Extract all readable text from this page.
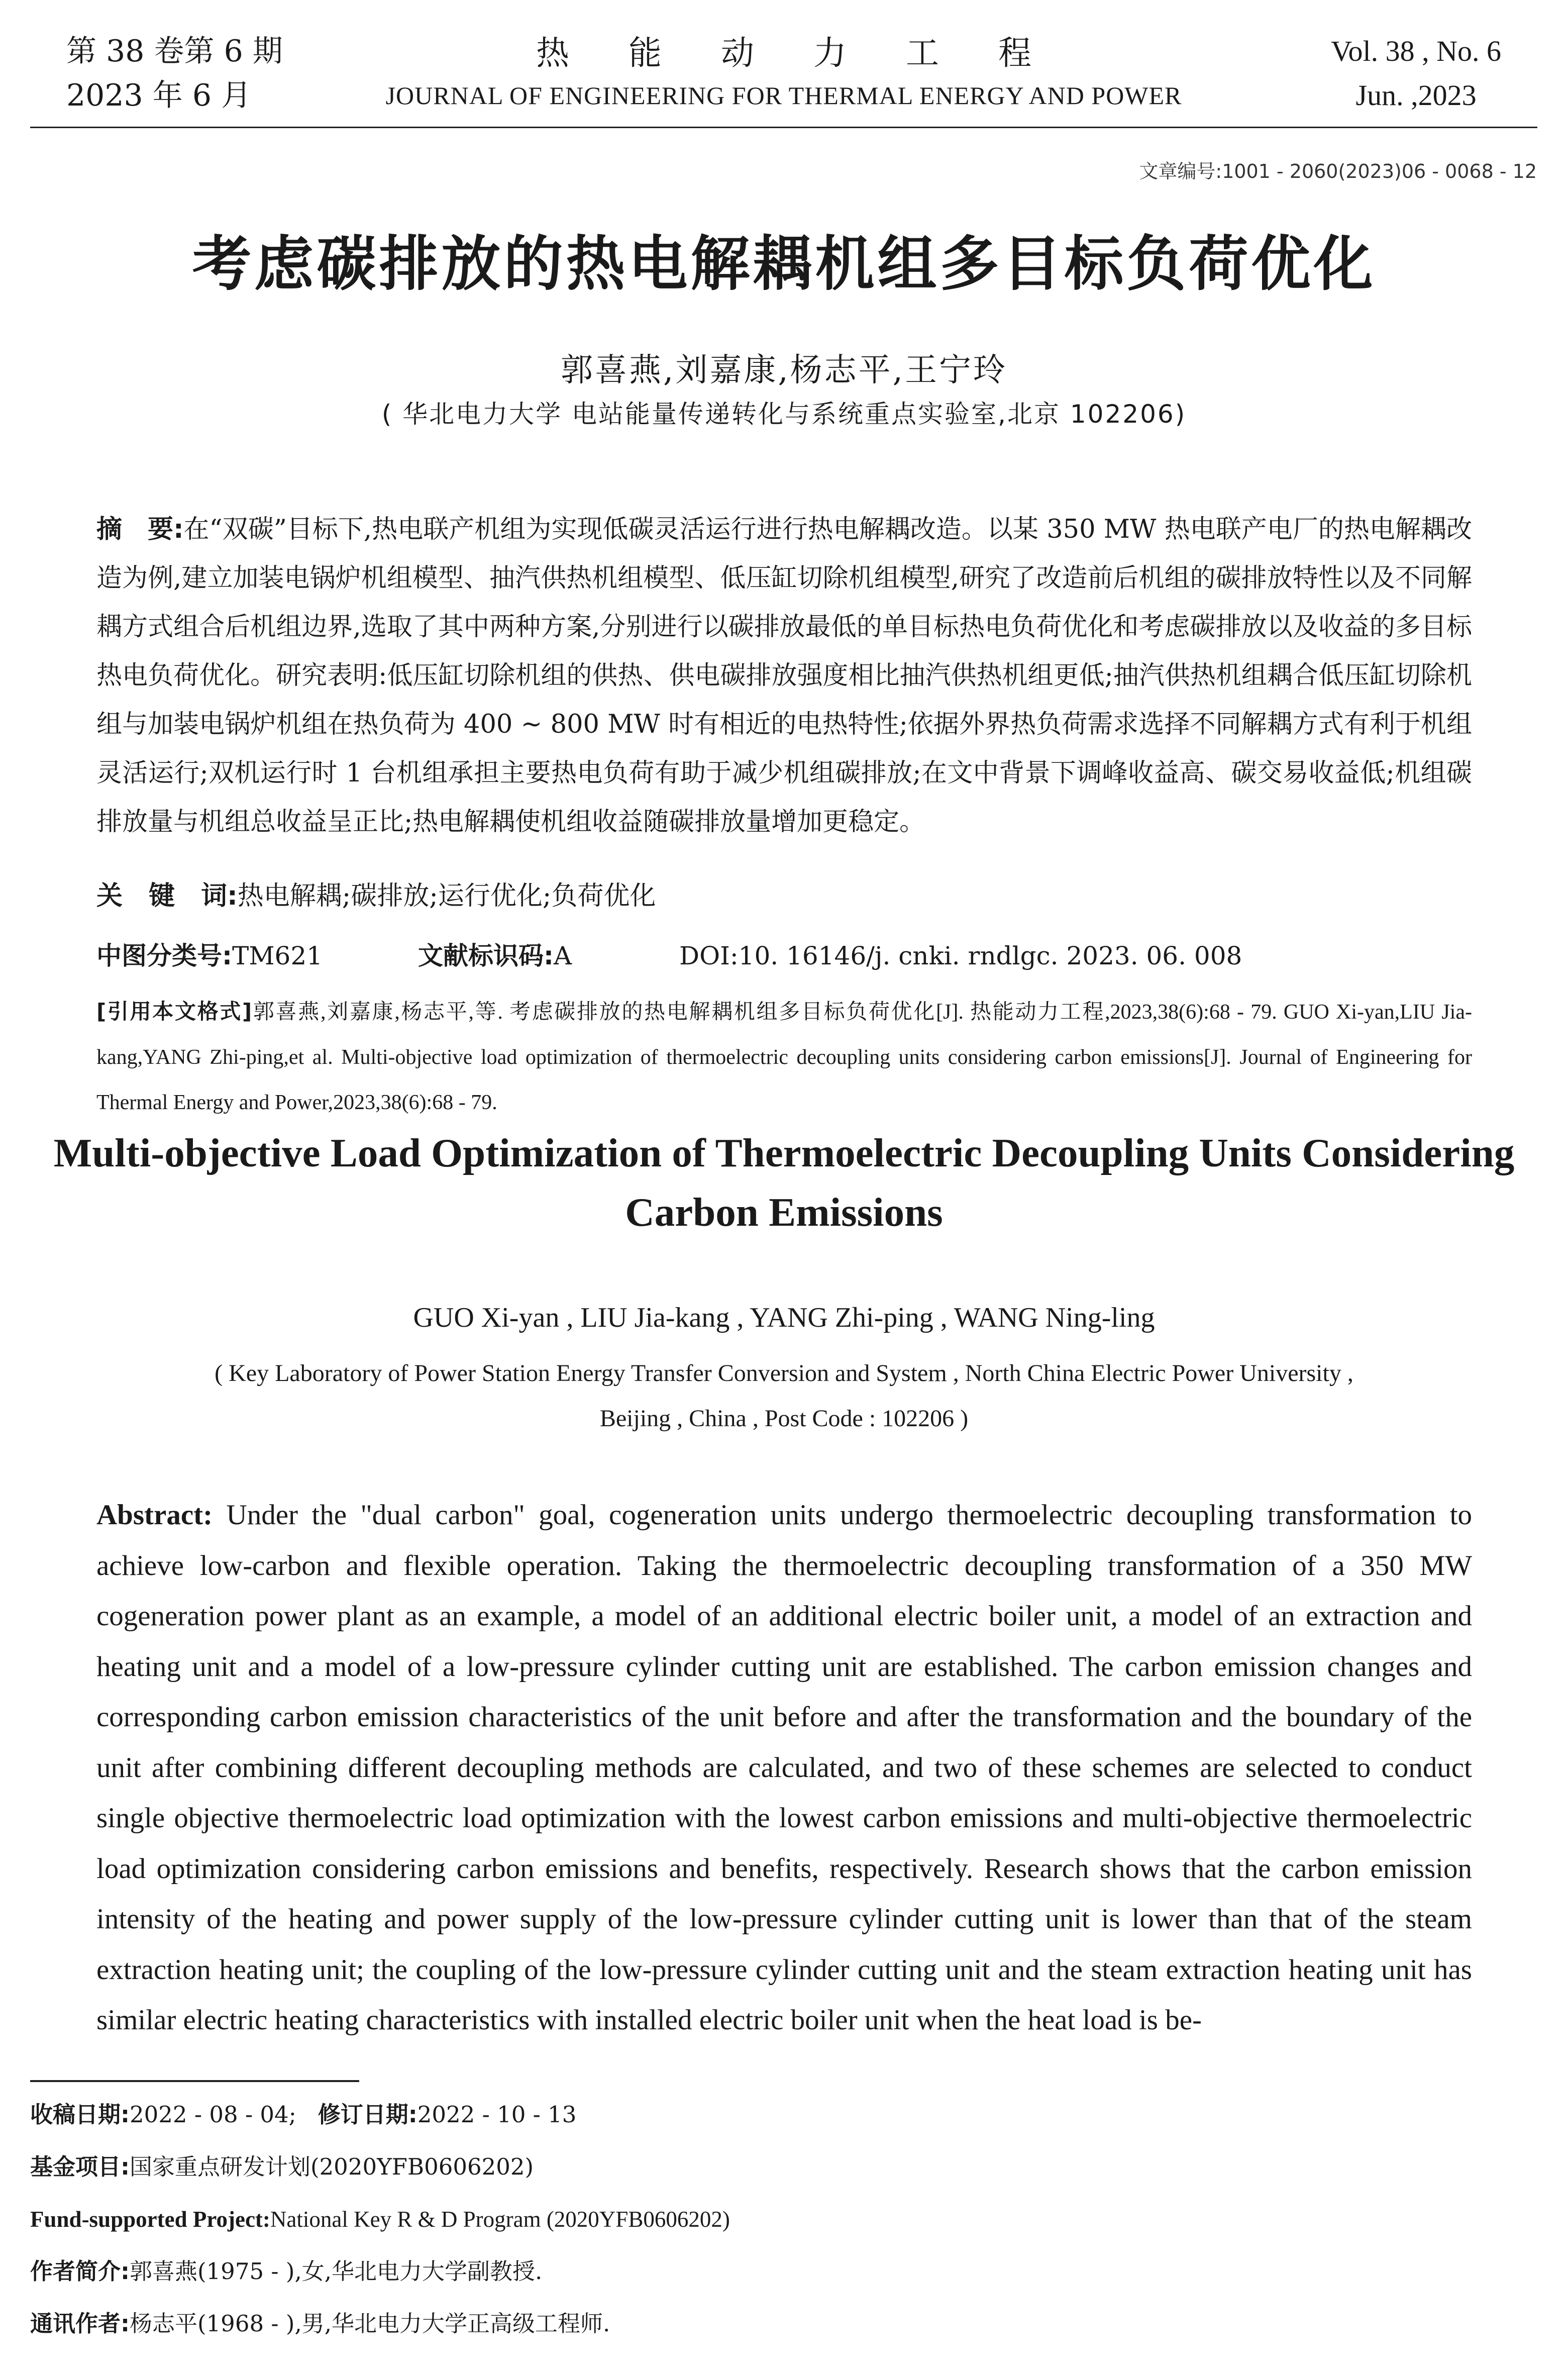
第 38 卷第 6 期
2023 年 6 月
热能动力工程
JOURNAL OF ENGINEERING FOR THERMAL ENERGY AND POWER
Vol. 38 , No. 6
Jun. ,2023
文章编号:1001 - 2060(2023)06 - 0068 - 12
考虑碳排放的热电解耦机组多目标负荷优化
郭喜燕,刘嘉康,杨志平,王宁玲
( 华北电力大学 电站能量传递转化与系统重点实验室,北京 102206)
摘　要:在“双碳”目标下,热电联产机组为实现低碳灵活运行进行热电解耦改造。以某 350 MW 热电联产电厂的热电解耦改造为例,建立加装电锅炉机组模型、抽汽供热机组模型、低压缸切除机组模型,研究了改造前后机组的碳排放特性以及不同解耦方式组合后机组边界,选取了其中两种方案,分别进行以碳排放最低的单目标热电负荷优化和考虑碳排放以及收益的多目标热电负荷优化。研究表明:低压缸切除机组的供热、供电碳排放强度相比抽汽供热机组更低;抽汽供热机组耦合低压缸切除机组与加装电锅炉机组在热负荷为 400 ~ 800 MW 时有相近的电热特性;依据外界热负荷需求选择不同解耦方式有利于机组灵活运行;双机运行时 1 台机组承担主要热电负荷有助于减少机组碳排放;在文中背景下调峰收益高、碳交易收益低;机组碳排放量与机组总收益呈正比;热电解耦使机组收益随碳排放量增加更稳定。
关　键　词:热电解耦;碳排放;运行优化;负荷优化
中图分类号:TM621	文献标识码:A	DOI:10. 16146/j. cnki. rndlgc. 2023. 06. 008
[引用本文格式]郭喜燕,刘嘉康,杨志平,等. 考虑碳排放的热电解耦机组多目标负荷优化[J]. 热能动力工程,2023,38(6):68 - 79. GUO Xi-yan,LIU Jia-kang,YANG Zhi-ping,et al. Multi-objective load optimization of thermoelectric decoupling units considering carbon emissions[J]. Journal of Engineering for Thermal Energy and Power,2023,38(6):68 - 79.
Multi-objective Load Optimization of Thermoelectric Decoupling Units Considering Carbon Emissions
GUO Xi-yan , LIU Jia-kang , YANG Zhi-ping , WANG Ning-ling
( Key Laboratory of Power Station Energy Transfer Conversion and System , North China Electric Power University , Beijing , China , Post Code : 102206 )
Abstract: Under the "dual carbon" goal, cogeneration units undergo thermoelectric decoupling transformation to achieve low-carbon and flexible operation. Taking the thermoelectric decoupling transformation of a 350 MW cogeneration power plant as an example, a model of an additional electric boiler unit, a model of an extraction and heating unit and a model of a low-pressure cylinder cutting unit are established. The carbon emission changes and corresponding carbon emission characteristics of the unit before and after the transformation and the boundary of the unit after combining different decoupling methods are calculated, and two of these schemes are selected to conduct single objective thermoelectric load optimization with the lowest carbon emissions and multi-objective thermoelectric load optimization considering carbon emissions and benefits, respectively. Research shows that the carbon emission intensity of the heating and power supply of the low-pressure cylinder cutting unit is lower than that of the steam extraction heating unit; the coupling of the low-pressure cylinder cutting unit and the steam extraction heating unit has similar electric heating characteristics with installed electric boiler unit when the heat load is be-
收稿日期:2022 - 08 - 04; 修订日期:2022 - 10 - 13
基金项目:国家重点研发计划(2020YFB0606202)
Fund-supported Project:National Key R & D Program (2020YFB0606202)
作者简介:郭喜燕(1975 - ),女,华北电力大学副教授.
通讯作者:杨志平(1968 - ),男,华北电力大学正高级工程师.
